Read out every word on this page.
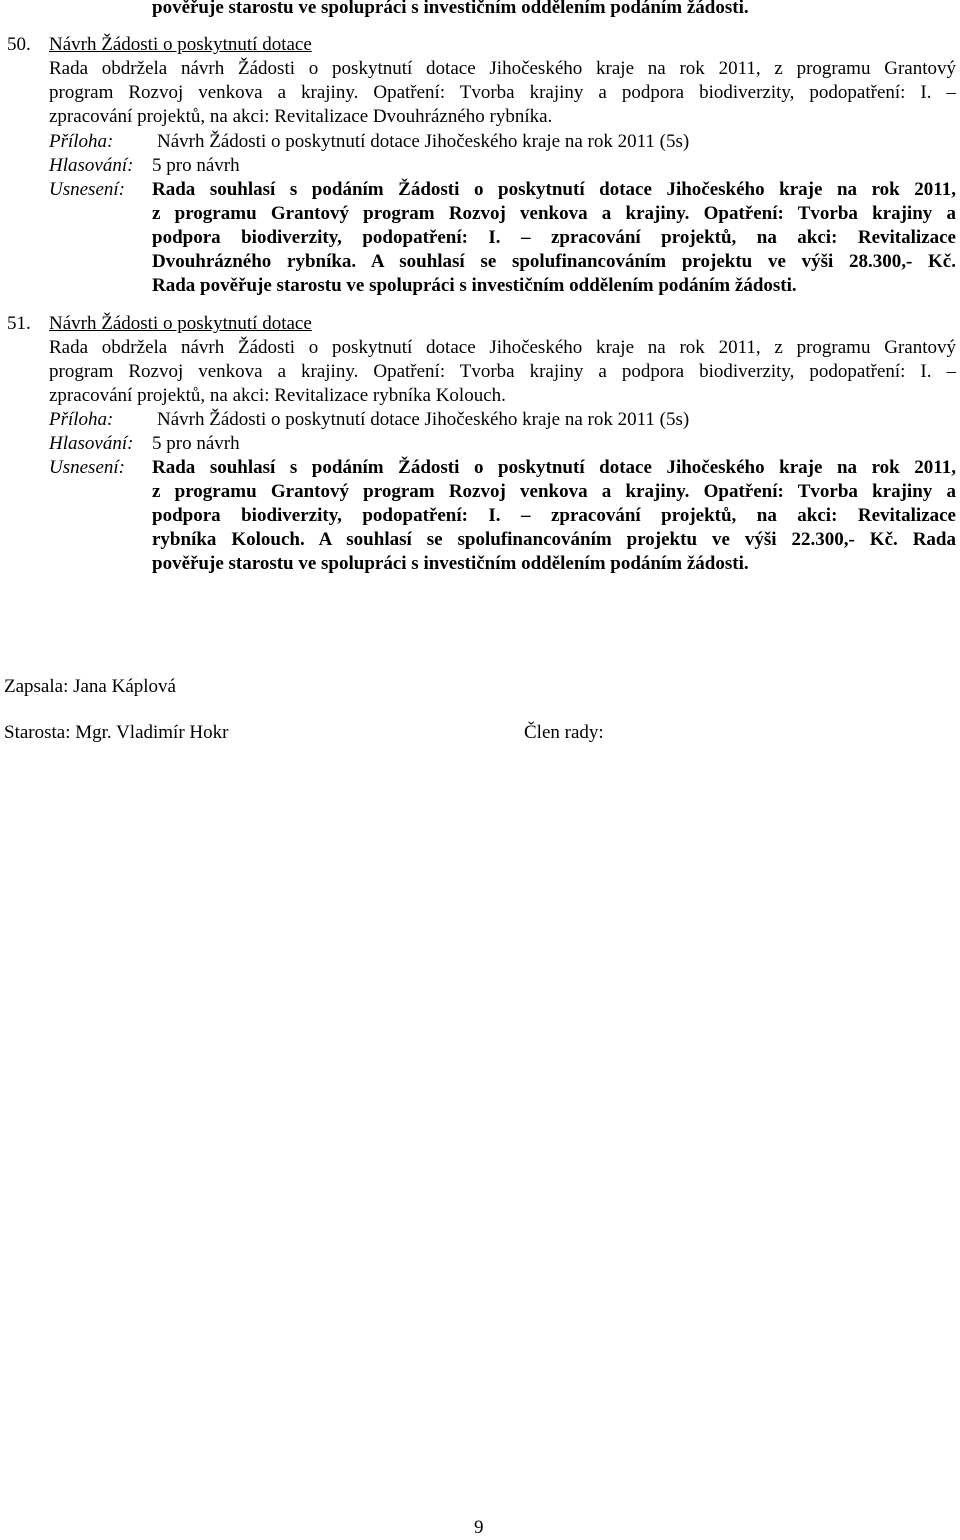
pověřuje starostu ve spolupráci s investičním oddělením podáním žádosti.
50. Návrh Žádosti o poskytnutí dotace
Rada obdržela návrh Žádosti o poskytnutí dotace Jihočeského kraje na rok 2011, z programu Grantový
program Rozvoj venkova a krajiny. Opatření: Tvorba krajiny a podpora biodiverzity, podopatření: I. –
zpracování projektů, na akci: Revitalizace Dvouhrázného rybníka.
Příloha: Návrh Žádosti o poskytnutí dotace Jihočeského kraje na rok 2011 (5s)
Hlasování: 5 pro návrh
Usnesení: Rada souhlasí s podáním Žádosti o poskytnutí dotace Jihočeského kraje na rok 2011,
z programu Grantový program Rozvoj venkova a krajiny. Opatření: Tvorba krajiny a
podpora biodiverzity, podopatření: I. – zpracování projektů, na akci: Revitalizace
Dvouhrázného rybníka. A souhlasí se spolufinancováním projektu ve výši 28.300,- Kč.
Rada pověřuje starostu ve spolupráci s investičním oddělením podáním žádosti.
51. Návrh Žádosti o poskytnutí dotace
Rada obdržela návrh Žádosti o poskytnutí dotace Jihočeského kraje na rok 2011, z programu Grantový
program Rozvoj venkova a krajiny. Opatření: Tvorba krajiny a podpora biodiverzity, podopatření: I. –
zpracování projektů, na akci: Revitalizace rybníka Kolouch.
Příloha: Návrh Žádosti o poskytnutí dotace Jihočeského kraje na rok 2011 (5s)
Hlasování: 5 pro návrh
Usnesení: Rada souhlasí s podáním Žádosti o poskytnutí dotace Jihočeského kraje na rok 2011,
z programu Grantový program Rozvoj venkova a krajiny. Opatření: Tvorba krajiny a
podpora biodiverzity, podopatření: I. – zpracování projektů, na akci: Revitalizace
rybníka Kolouch. A souhlasí se spolufinancováním projektu ve výši 22.300,- Kč. Rada
pověřuje starostu ve spolupráci s investičním oddělením podáním žádosti.
Zapsala: Jana Káplová
Starosta: Mgr. Vladimír Hokr	Člen rady:
9
